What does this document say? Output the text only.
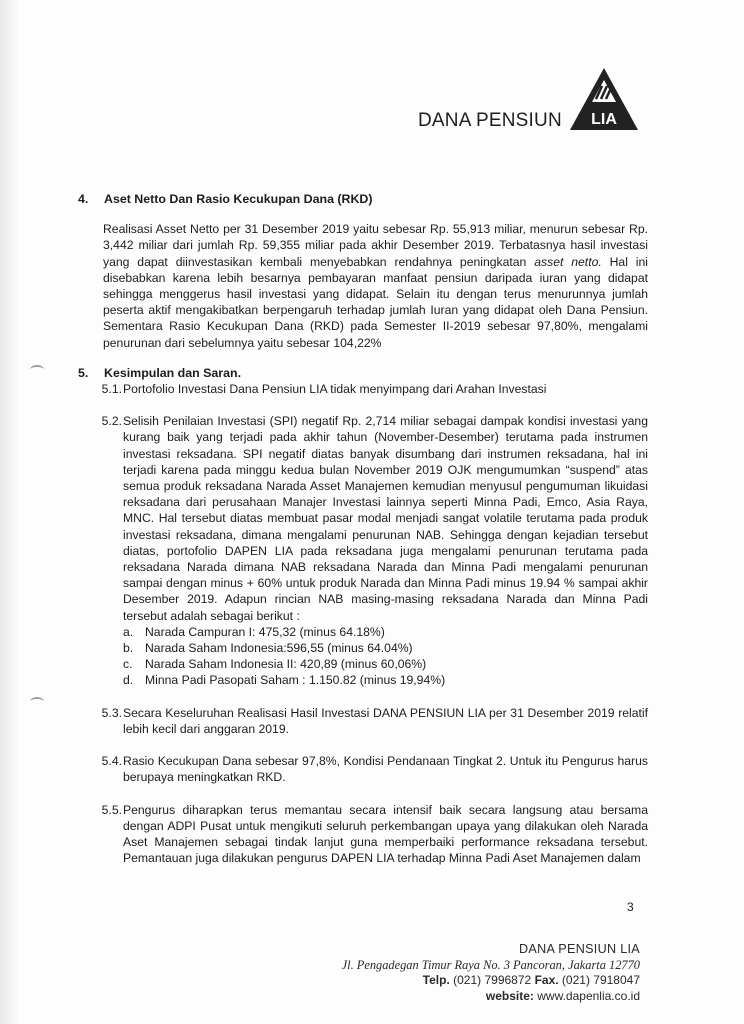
DANA PENSIUN LIA
4. Aset Netto Dan Rasio Kecukupan Dana (RKD)

Realisasi Asset Netto per 31 Desember 2019 yaitu sebesar Rp. 55,913 miliar, menurun sebesar Rp. 3,442 miliar dari jumlah Rp. 59,355 miliar pada akhir Desember 2019. Terbatasnya hasil investasi yang dapat diinvestasikan kembali menyebabkan rendahnya peningkatan asset netto. Hal ini disebabkan karena lebih besarnya pembayaran manfaat pensiun daripada iuran yang didapat sehingga menggerus hasil investasi yang didapat. Selain itu dengan terus menurunnya jumlah peserta aktif mengakibatkan berpengaruh terhadap jumlah Iuran yang didapat oleh Dana Pensiun. Sementara Rasio Kecukupan Dana (RKD) pada Semester II-2019 sebesar 97,80%, mengalami penurunan dari sebelumnya yaitu sebesar 104,22%

5. Kesimpulan dan Saran.
5.1. Portofolio Investasi Dana Pensiun LIA tidak menyimpang dari Arahan Investasi
5.2. Selisih Penilaian Investasi (SPI) negatif Rp. 2,714 miliar sebagai dampak kondisi investasi yang kurang baik yang terjadi pada akhir tahun (November-Desember) terutama pada instrumen investasi reksadana. SPI negatif diatas banyak disumbang dari instrumen reksadana, hal ini terjadi karena pada minggu kedua bulan November 2019 OJK mengumumkan “suspend” atas semua produk reksadana Narada Asset Manajemen kemudian menyusul pengumuman likuidasi reksadana dari perusahaan Manajer Investasi lainnya seperti Minna Padi, Emco, Asia Raya, MNC. Hal tersebut diatas membuat pasar modal menjadi sangat volatile terutama pada produk investasi reksadana, dimana mengalami penurunan NAB. Sehingga dengan kejadian tersebut diatas, portofolio DAPEN LIA pada reksadana juga mengalami penurunan terutama pada reksadana Narada dimana NAB reksadana Narada dan Minna Padi mengalami penurunan sampai dengan minus + 60% untuk produk Narada dan Minna Padi minus 19.94 % sampai akhir Desember 2019. Adapun rincian NAB masing-masing reksadana Narada dan Minna Padi tersebut adalah sebagai berikut :
a. Narada Campuran I: 475,32 (minus 64.18%)
b. Narada Saham Indonesia:596,55 (minus 64.04%)
c.	Narada Saham Indonesia II: 420,89 (minus 60,06%)
d. Minna Padi Pasopati Saham : 1.150.82 (minus 19,94%)
5.3. Secara Keseluruhan Realisasi Hasil Investasi DANA PENSIUN LIA per 31 Desember 2019 relatif lebih kecil dari anggaran 2019.
5.4. Rasio Kecukupan Dana sebesar 97,8%, Kondisi Pendanaan Tingkat 2. Untuk itu Pengurus harus berupaya meningkatkan RKD.
5.5. Pengurus diharapkan terus memantau secara intensif baik secara langsung atau bersama dengan ADPI Pusat untuk mengikuti seluruh perkembangan upaya yang dilakukan oleh Narada Aset Manajemen sebagai tindak lanjut guna memperbaiki performance reksadana tersebut. Pemantauan juga dilakukan pengurus DAPEN LIA terhadap Minna Padi Aset Manajemen dalam
3
DANA PENSIUN LIA
Jl. Pengadegan Timur Raya No. 3 Pancoran, Jakarta 12770
Telp. (021) 7996872 Fax. (021) 7918047
website: www.dapenlia.co.id
